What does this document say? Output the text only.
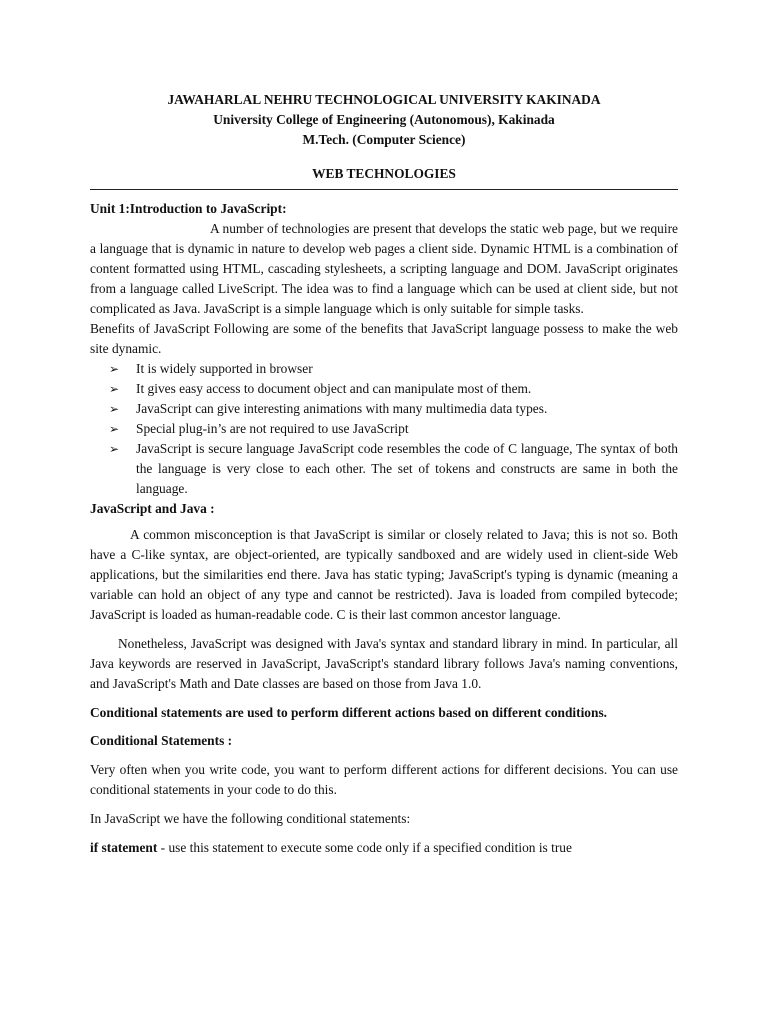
JAWAHARLAL NEHRU TECHNOLOGICAL UNIVERSITY KAKINADA

University College of Engineering (Autonomous), Kakinada

M.Tech. (Computer Science)

WEB TECHNOLOGIES

Unit 1:Introduction to JavaScript:

A number of technologies are present that develops the static web page, but we require a language that is dynamic in nature to develop web pages a client side. Dynamic HTML is a combination of content formatted using HTML, cascading stylesheets, a scripting language and DOM. JavaScript originates from a language called LiveScript. The idea was to find a language which can be used at client side, but not complicated as Java. JavaScript is a simple language which is only suitable for simple tasks.

Benefits of JavaScript Following are some of the benefits that JavaScript language possess to make the web site dynamic.

➢ It is widely supported in browser
➢ It gives easy access to document object and can manipulate most of them.
➢ JavaScript can give interesting animations with many multimedia data types.
➢ Special plug-in’s are not required to use JavaScript
➢ JavaScript is secure language JavaScript code resembles the code of C language, The syntax of both the language is very close to each other. The set of tokens and constructs are same in both the language.

JavaScript and Java :

A common misconception is that JavaScript is similar or closely related to Java; this is not so. Both have a C-like syntax, are object-oriented, are typically sandboxed and are widely used in client-side Web applications, but the similarities end there. Java has static typing; JavaScript's typing is dynamic (meaning a variable can hold an object of any type and cannot be restricted). Java is loaded from compiled bytecode; JavaScript is loaded as human-readable code. C is their last common ancestor language.

Nonetheless, JavaScript was designed with Java's syntax and standard library in mind. In particular, all Java keywords are reserved in JavaScript, JavaScript's standard library follows Java's naming conventions, and JavaScript's Math and Date classes are based on those from Java 1.0.

Conditional statements are used to perform different actions based on different conditions.

Conditional Statements :

Very often when you write code, you want to perform different actions for different decisions. You can use conditional statements in your code to do this.

In JavaScript we have the following conditional statements:

if statement - use this statement to execute some code only if a specified condition is true
